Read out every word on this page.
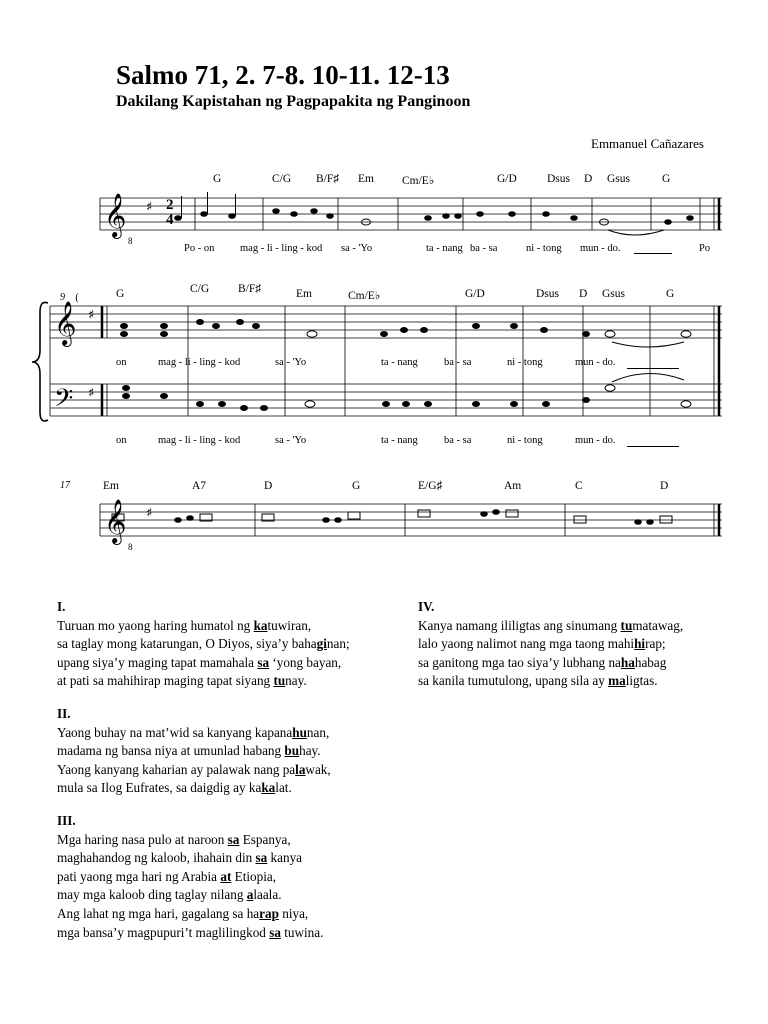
Salmo 71, 2. 7-8. 10-11. 12-13
Dakilang Kapistahan ng Pagpapakita ng Panginoon
Emmanuel Cañazares
𝄞 ♯
𝄞 ♯
𝄢 ♯
𝄞 ♯
(
2
4
8
8
9
17
G	C/G B/F♯ Em Cm/E♭	G/D	Dsus D Gsus	G
Po - on mag - li - ling - kod sa - 'Yo	ta - nang ba - sa	ni - tong mun - do.	Po
G	C/G	B/F♯	Em	Cm/E♭	G/D	Dsus D Gsus	G
on	mag - li - ling - kod	sa - 'Yo	ta - nang	ba - sa	ni - tong	mun - do.
on	mag - li - ling - kod	sa - 'Yo	ta - nang	ba - sa	ni - tong	mun - do.
Em	A7	D	G	E/G♯	Am	C	D
I.
Turuan mo yaong haring humatol ng katuwiran,
sa taglay mong katarungan, O Diyos, siya’y bahaginan;
upang siya’y maging tapat mamahala sa ‘yong bayan,
at pati sa mahihirap maging tapat siyang tunay.
II.
Yaong buhay na mat’wid sa kanyang kapanahunan,
madama ng bansa niya at umunlad habang buhay.
Yaong kanyang kaharian ay palawak nang palawak,
mula sa Ilog Eufrates, sa daigdig ay kakalat.
III.
Mga haring nasa pulo at naroon sa Espanya,
maghahandog ng kaloob, ihahain din sa kanya
pati yaong mga hari ng Arabia at Etiopia,
may mga kaloob ding taglay nilang alaala.
Ang lahat ng mga hari, gagalang sa harap niya,
mga bansa’y magpupuri’t maglilingkod sa tuwina.
IV.
Kanya namang ililigtas ang sinumang tumatawag,
lalo yaong nalimot nang mga taong mahihirap;
sa ganitong mga tao siya’y lubhang nahahabag
sa kanila tumutulong, upang sila ay maligtas.
